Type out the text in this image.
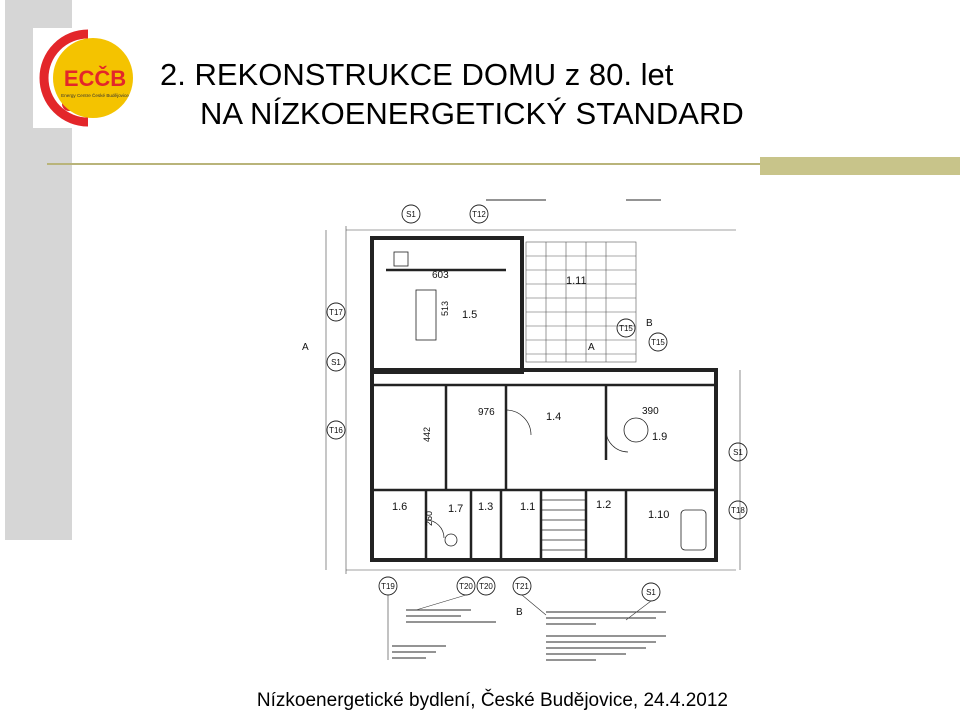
ECČB
Energy Centre České Budějovice
2. REKONSTRUKCE DOMU z 80. let
NA NÍZKOENERGETICKÝ STANDARD
1.5
513
1.11
1.4
976
1.9
390
1.6
260
1.7 1.3 1.1	1.2
1.10
603
442
S1	T12
T17
S1
T16
S1
T18
T19	T20 T20	T21
S1
T15
T15
A
B
A
B
Nízkoenergetické bydlení, České Budějovice, 24.4.2012
